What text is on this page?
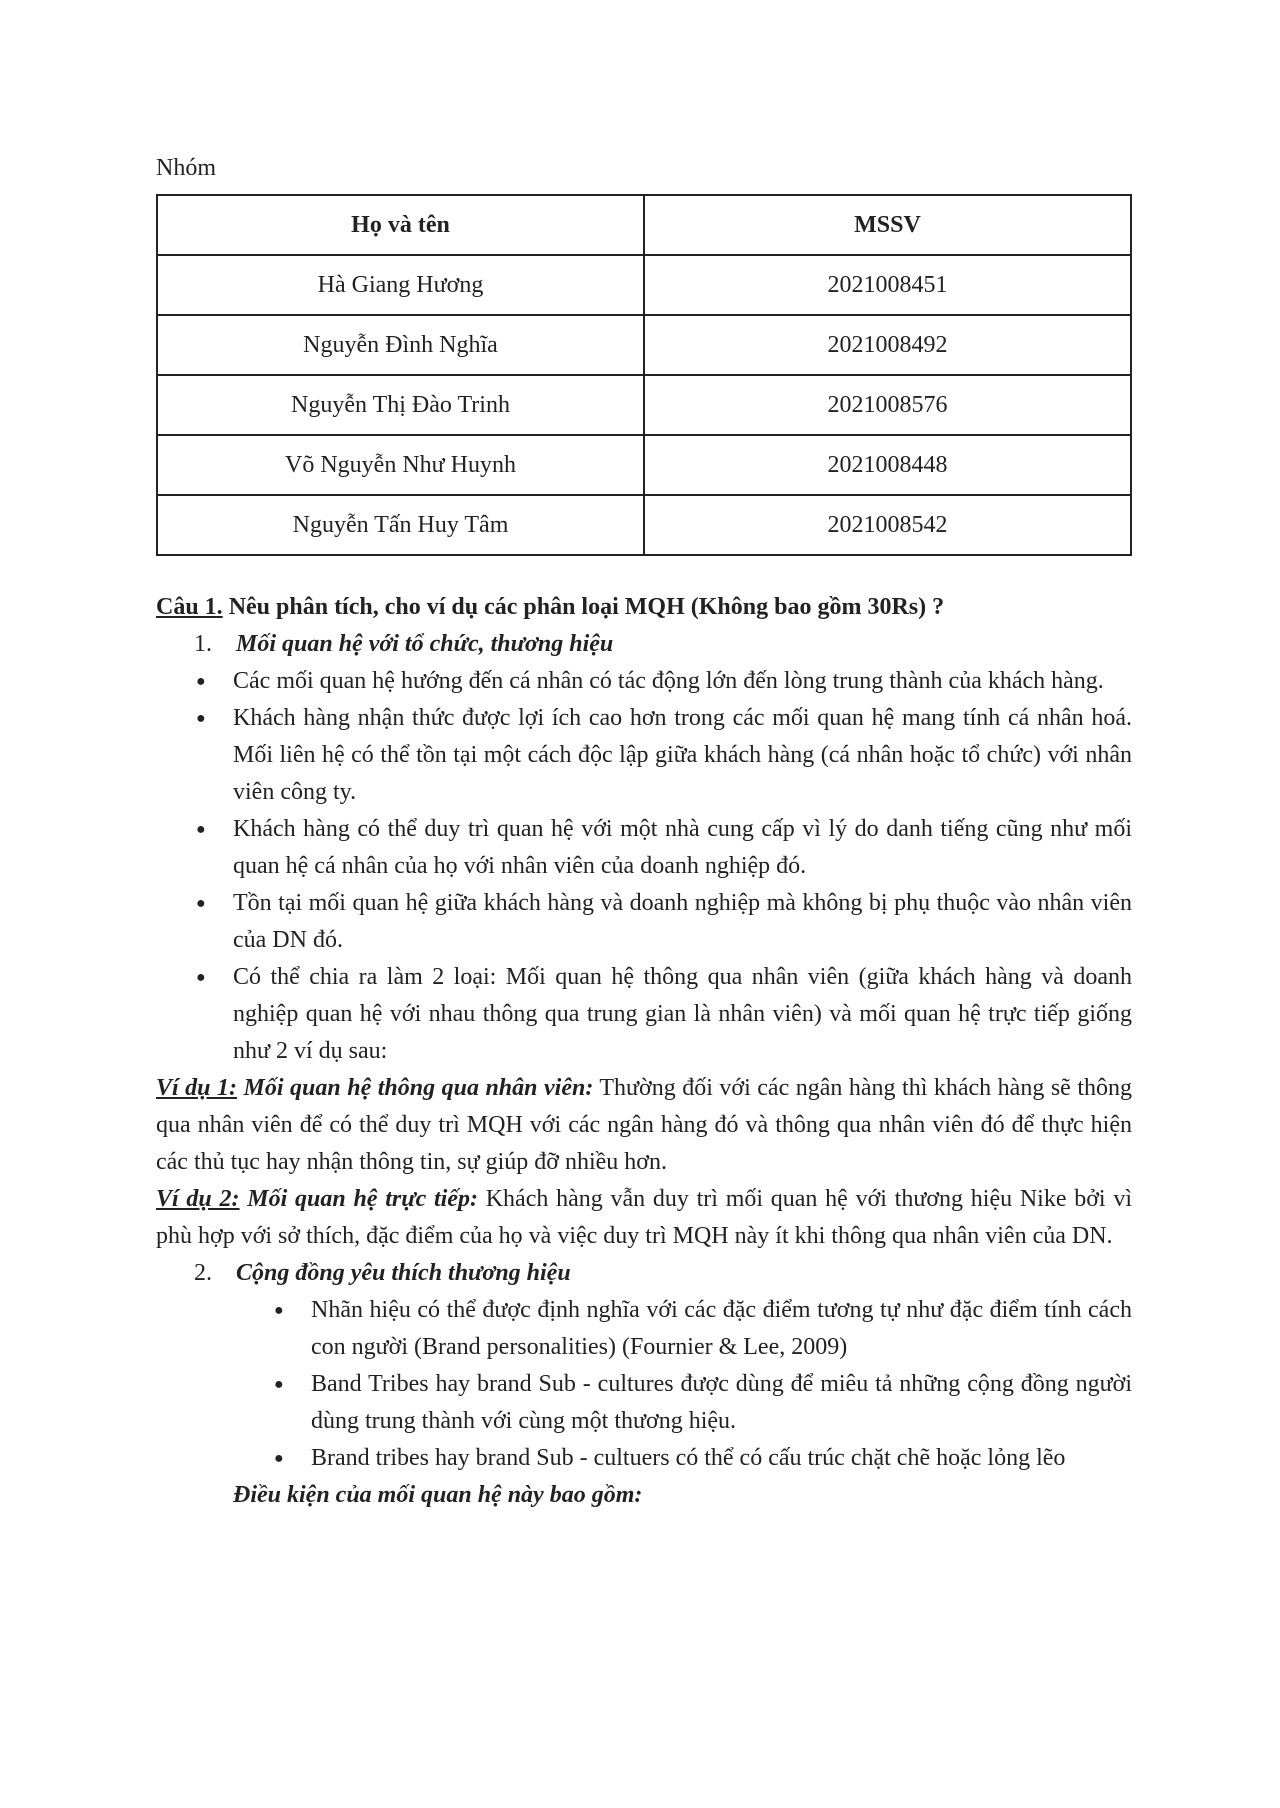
Nhóm

Họ và tên	MSSV
Hà Giang Hương	2021008451
Nguyễn Đình Nghĩa	2021008492
Nguyễn Thị Đào Trinh	2021008576
Võ Nguyễn Như Huynh	2021008448
Nguyễn Tấn Huy Tâm	2021008542

Câu 1. Nêu phân tích, cho ví dụ các phân loại MQH (Không bao gồm 30Rs) ?

1. Mối quan hệ với tổ chức, thương hiệu

● Các mối quan hệ hướng đến cá nhân có tác động lớn đến lòng trung thành của khách hàng.
● Khách hàng nhận thức được lợi ích cao hơn trong các mối quan hệ mang tính cá nhân hoá. Mối liên hệ có thể tồn tại một cách độc lập giữa khách hàng (cá nhân hoặc tổ chức) với nhân viên công ty.
● Khách hàng có thể duy trì quan hệ với một nhà cung cấp vì lý do danh tiếng cũng như mối quan hệ cá nhân của họ với nhân viên của doanh nghiệp đó.
● Tồn tại mối quan hệ giữa khách hàng và doanh nghiệp mà không bị phụ thuộc vào nhân viên của DN đó.
● Có thể chia ra làm 2 loại: Mối quan hệ thông qua nhân viên (giữa khách hàng và doanh nghiệp quan hệ với nhau thông qua trung gian là nhân viên) và mối quan hệ trực tiếp giống như 2 ví dụ sau:

Ví dụ 1: Mối quan hệ thông qua nhân viên: Thường đối với các ngân hàng thì khách hàng sẽ thông qua nhân viên để có thể duy trì MQH với các ngân hàng đó và thông qua nhân viên đó để thực hiện các thủ tục hay nhận thông tin, sự giúp đỡ nhiều hơn.

Ví dụ 2: Mối quan hệ trực tiếp: Khách hàng vẫn duy trì mối quan hệ với thương hiệu Nike bởi vì phù hợp với sở thích, đặc điểm của họ và việc duy trì MQH này ít khi thông qua nhân viên của DN.

2. Cộng đồng yêu thích thương hiệu

● Nhãn hiệu có thể được định nghĩa với các đặc điểm tương tự như đặc điểm tính cách con người (Brand personalities) (Fournier & Lee, 2009)
● Band Tribes hay brand Sub - cultures được dùng để miêu tả những cộng đồng người dùng trung thành với cùng một thương hiệu.
● Brand tribes hay brand Sub - cultuers có thể có cấu trúc chặt chẽ hoặc lỏng lẽo

Điều kiện của mối quan hệ này bao gồm:
